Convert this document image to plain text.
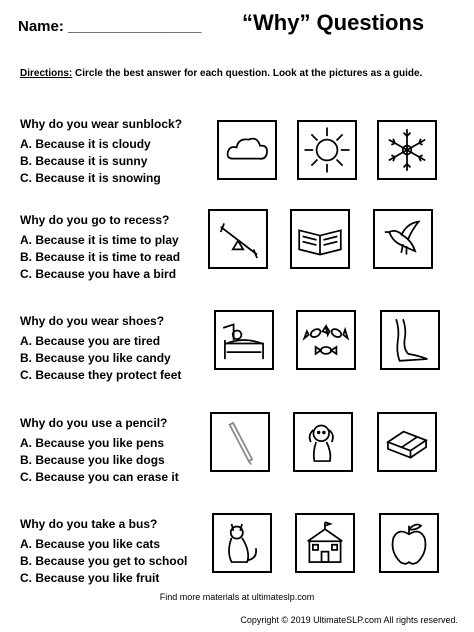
Name: ________________ “Why” Questions
Directions: Circle the best answer for each question. Look at the pictures as a guide.
Why do you wear sunblock?
A. Because it is cloudy
B. Because it is sunny
C. Because it is snowing
Why do you go to recess?
A. Because it is time to play
B. Because it is time to read
C. Because you have a bird
Why do you wear shoes?
A. Because you are tired
B. Because you like candy
C. Because they protect feet
Why do you use a pencil?
A. Because you like pens
B. Because you like dogs
C. Because you can erase it
Why do you take a bus?
A. Because you like cats
B. Because you get to school
C. Because you like fruit
Find more materials at ultimateslp.com
Copyright © 2019 UltimateSLP.com All rights reserved.
